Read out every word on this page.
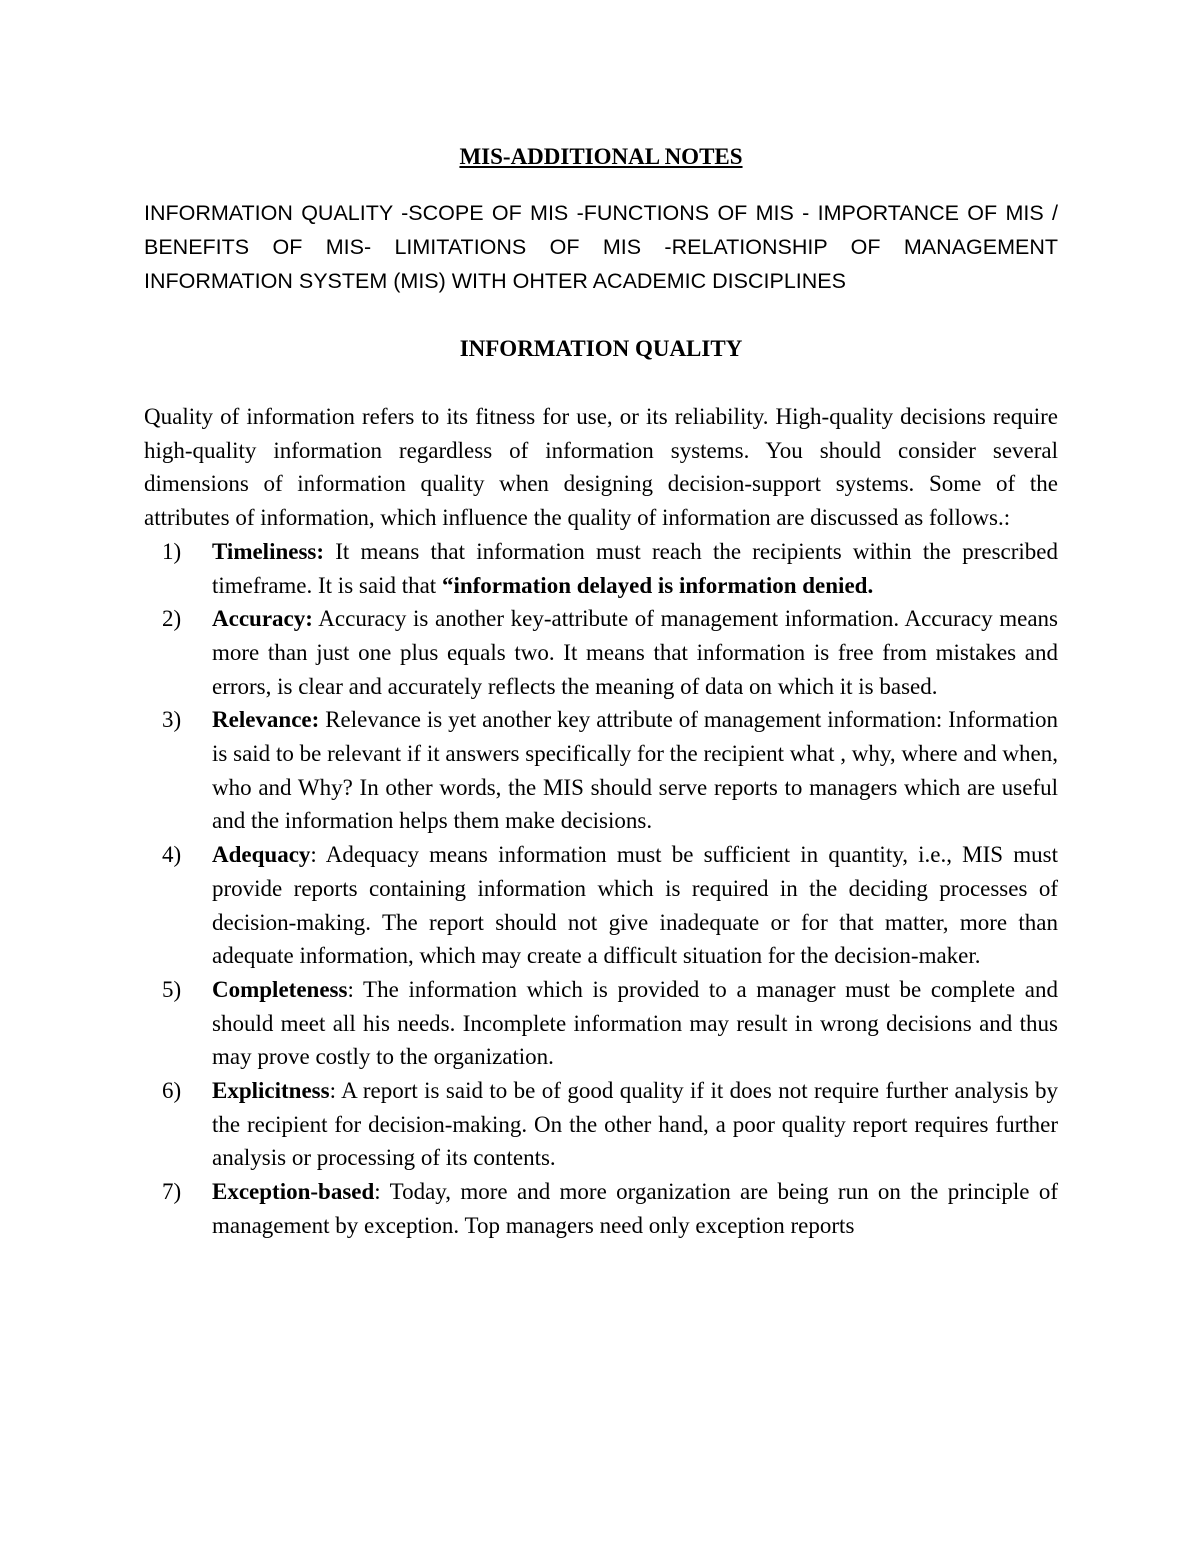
MIS-ADDITIONAL NOTES

INFORMATION QUALITY -SCOPE OF MIS -FUNCTIONS OF MIS - IMPORTANCE OF MIS / BENEFITS OF MIS- LIMITATIONS OF MIS -RELATIONSHIP OF MANAGEMENT INFORMATION SYSTEM (MIS) WITH OHTER ACADEMIC DISCIPLINES

INFORMATION QUALITY

Quality of information refers to its fitness for use, or its reliability. High-quality decisions require high-quality information regardless of information systems. You should consider several dimensions of information quality when designing decision-support systems. Some of the attributes of information, which influence the quality of information are discussed as follows.:

1)	Timeliness: It means that information must reach the recipients within the prescribed timeframe. It is said that “information delayed is information denied.
2)	Accuracy: Accuracy is another key-attribute of management information. Accuracy means more than just one plus equals two. It means that information is free from mistakes and errors, is clear and accurately reflects the meaning of data on which it is based.
3)	Relevance: Relevance is yet another key attribute of management information: Information is said to be relevant if it answers specifically for the recipient what , why, where and when, who and Why? In other words, the MIS should serve reports to managers which are useful and the information helps them make decisions.
4)	Adequacy: Adequacy means information must be sufficient in quantity, i.e., MIS must provide reports containing information which is required in the deciding processes of decision-making. The report should not give inadequate or for that matter, more than adequate information, which may create a difficult situation for the decision-maker.
5)	Completeness: The information which is provided to a manager must be complete and should meet all his needs. Incomplete information may result in wrong decisions and thus may prove costly to the organization.
6)	Explicitness: A report is said to be of good quality if it does not require further analysis by the recipient for decision-making. On the other hand, a poor quality report requires further analysis or processing of its contents.
7)	Exception-based: Today, more and more organization are being run on the principle of management by exception. Top managers need only exception reports
